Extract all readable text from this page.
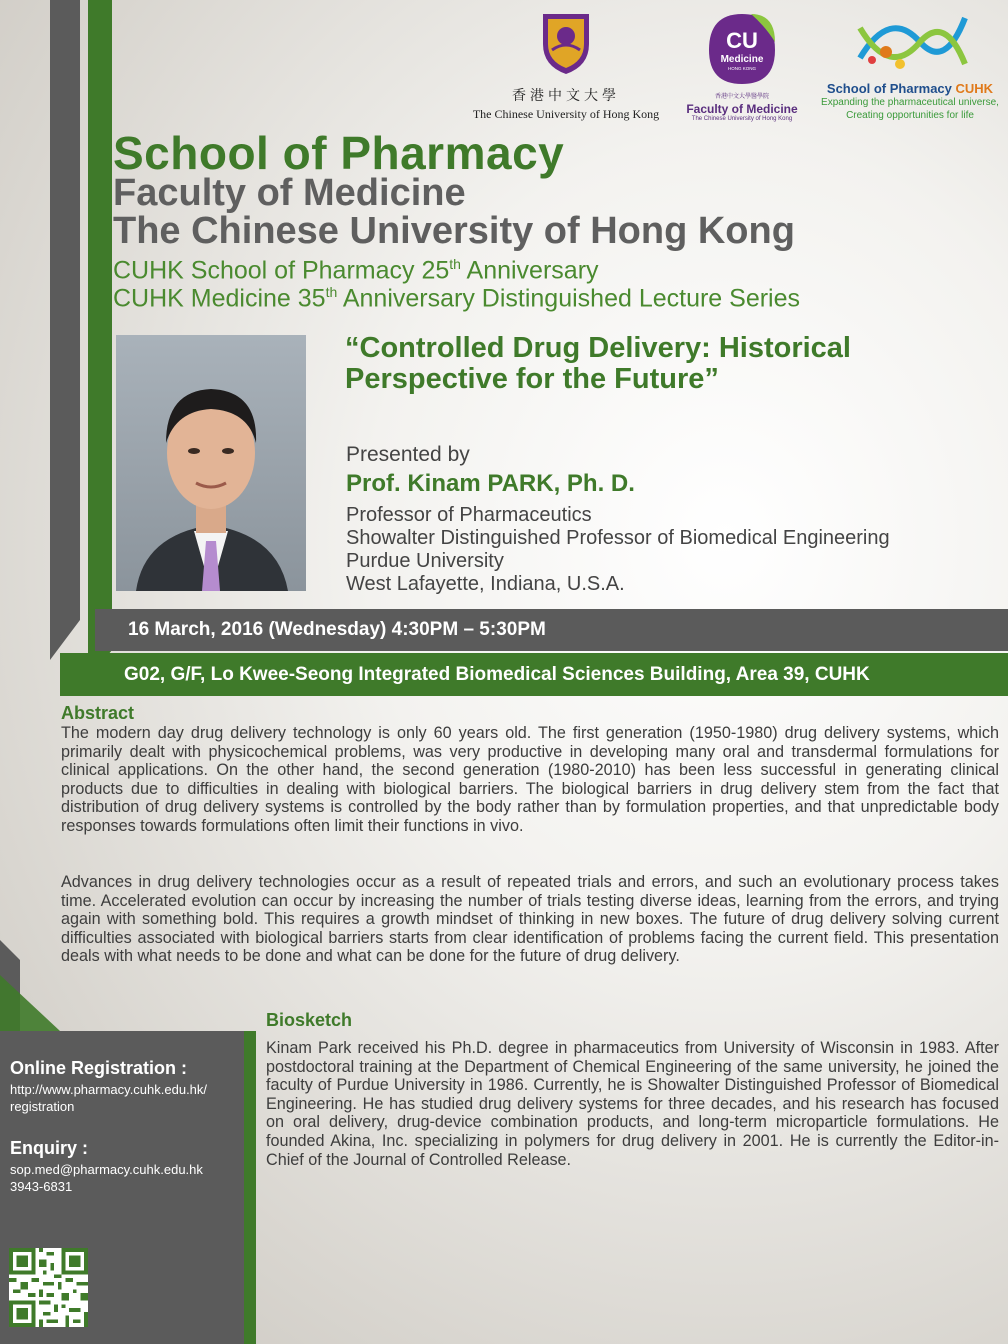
香港中文大學
The Chinese University of Hong Kong
CU
Medicine
HONG KONG
香港中文大學醫學院
Faculty of Medicine
The Chinese University of Hong Kong
School of Pharmacy CUHK
Expanding the pharmaceutical universe,
Creating opportunities for life
School of Pharmacy
Faculty of Medicine
The Chinese University of Hong Kong
CUHK School of Pharmacy 25th Anniversary
CUHK Medicine 35th Anniversary Distinguished Lecture Series
“Controlled Drug Delivery: Historical
Perspective for the Future”
Presented by
Prof. Kinam PARK, Ph. D.
Professor of Pharmaceutics
Showalter Distinguished Professor of Biomedical Engineering
Purdue University
West Lafayette, Indiana, U.S.A.
16 March, 2016 (Wednesday) 4:30PM – 5:30PM
G02, G/F, Lo Kwee-Seong Integrated Biomedical Sciences Building, Area 39, CUHK
Abstract

The modern day drug delivery technology is only 60 years old. The first generation (1950-1980) drug delivery systems, which primarily dealt with physicochemical problems, was very productive in developing many oral and transdermal formulations for clinical applications. On the other hand, the second generation (1980-2010) has been less successful in generating clinical products due to difficulties in dealing with biological barriers. The biological barriers in drug delivery stem from the fact that distribution of drug delivery systems is controlled by the body rather than by formulation properties, and that unpredictable body responses towards formulations often limit their functions in vivo.

Advances in drug delivery technologies occur as a result of repeated trials and errors, and such an evolutionary process takes time. Accelerated evolution can occur by increasing the number of trials testing diverse ideas, learning from the errors, and trying again with something bold. This requires a growth mindset of thinking in new boxes. The future of drug delivery solving current difficulties associated with biological barriers starts from clear identification of problems facing the current field. This presentation deals with what needs to be done and what can be done for the future of drug delivery.

Biosketch

Kinam Park received his Ph.D. degree in pharmaceutics from University of Wisconsin in 1983. After postdoctoral training at the Department of Chemical Engineering of the same university, he joined the faculty of Purdue University in 1986. Currently, he is Showalter Distinguished Professor of Biomedical Engineering. He has studied drug delivery systems for three decades, and his research has focused on oral delivery, drug-device combination products, and long-term microparticle formulations. He founded Akina, Inc. specializing in polymers for drug delivery in 2001. He is currently the Editor-in-Chief of the Journal of Controlled Release.

Online Registration :
http://www.pharmacy.cuhk.edu.hk/
registration
Enquiry :
sop.med@pharmacy.cuhk.edu.hk
3943-6831
